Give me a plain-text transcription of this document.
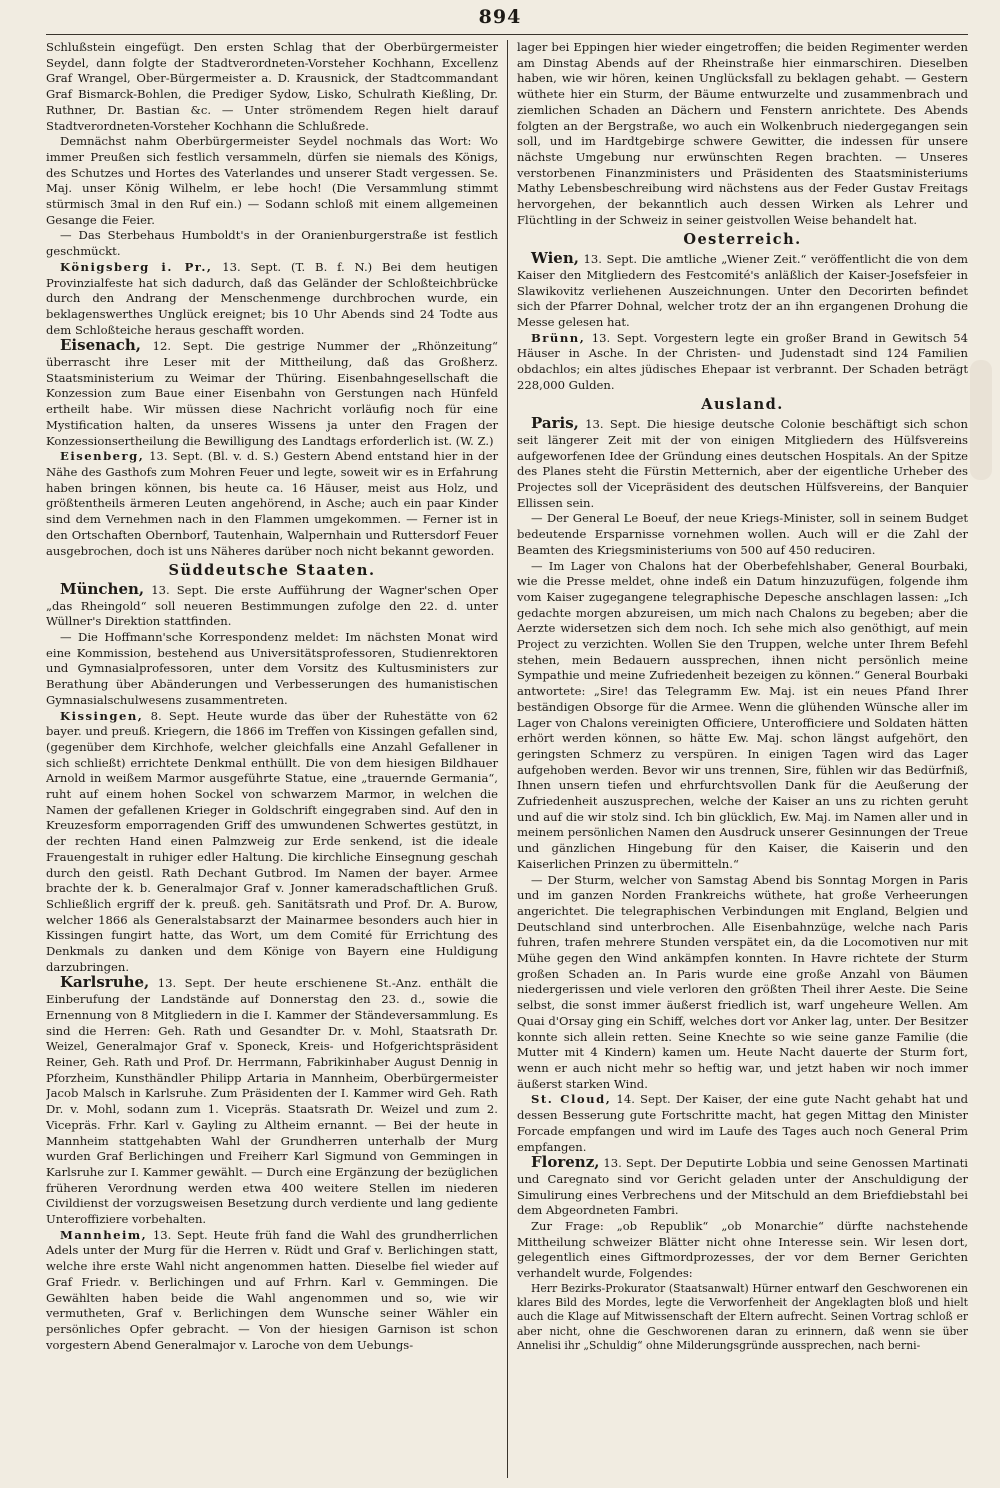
894

Schlußstein eingefügt. Den ersten Schlag that der Oberbürgermeister Seydel, dann folgte der Stadtverordneten-Vorsteher Kochhann, Excellenz Graf Wrangel, Ober-Bürgermeister a. D. Krausnick, der Stadtcommandant Graf Bismarck-Bohlen, die Prediger Sydow, Lisko, Schulrath Kießling, Dr. Ruthner, Dr. Bastian &c. — Unter strömendem Regen hielt darauf Stadtverordneten-Vorsteher Kochhann die Schlußrede.

Demnächst nahm Oberbürgermeister Seydel nochmals das Wort: Wo immer Preußen sich festlich versammeln, dürfen sie niemals des Königs, des Schutzes und Hortes des Vaterlandes und unserer Stadt vergessen. Se. Maj. unser König Wilhelm, er lebe hoch! (Die Versammlung stimmt stürmisch 3mal in den Ruf ein.) — Sodann schloß mit einem allgemeinen Gesange die Feier.

— Das Sterbehaus Humboldt's in der Oranienburgerstraße ist festlich geschmückt.

Königsberg i. Pr., 13. Sept. (T. B. f. N.) Bei dem heutigen Provinzialfeste hat sich dadurch, daß das Geländer der Schloßteichbrücke durch den Andrang der Menschenmenge durchbrochen wurde, ein beklagenswerthes Unglück ereignet; bis 10 Uhr Abends sind 24 Todte aus dem Schloßteiche heraus geschafft worden.

Eisenach, 12. Sept. Die gestrige Nummer der „Rhönzeitung“ überrascht ihre Leser mit der Mittheilung, daß das Großherz. Staatsministerium zu Weimar der Thüring. Eisenbahngesellschaft die Konzession zum Baue einer Eisenbahn von Gerstungen nach Hünfeld ertheilt habe. Wir müssen diese Nachricht vorläufig noch für eine Mystification halten, da unseres Wissens ja unter den Fragen der Konzessionsertheilung die Bewilligung des Landtags erforderlich ist. (W. Z.)

Eisenberg, 13. Sept. (Bl. v. d. S.) Gestern Abend entstand hier in der Nähe des Gasthofs zum Mohren Feuer und legte, soweit wir es in Erfahrung haben bringen können, bis heute ca. 16 Häuser, meist aus Holz, und größtentheils ärmeren Leuten angehörend, in Asche; auch ein paar Kinder sind dem Vernehmen nach in den Flammen umgekommen. — Ferner ist in den Ortschaften Obernborf, Tautenhain, Walpernhain und Ruttersdorf Feuer ausgebrochen, doch ist uns Näheres darüber noch nicht bekannt geworden.

Süddeutsche Staaten.

München, 13. Sept. Die erste Aufführung der Wagner'schen Oper „das Rheingold“ soll neueren Bestimmungen zufolge den 22. d. unter Wüllner's Direktion stattfinden.

— Die Hoffmann'sche Korrespondenz meldet: Im nächsten Monat wird eine Kommission, bestehend aus Universitätsprofessoren, Studienrektoren und Gymnasialprofessoren, unter dem Vorsitz des Kultusministers zur Berathung über Abänderungen und Verbesserungen des humanistischen Gymnasialschulwesens zusammentreten.

Kissingen, 8. Sept. Heute wurde das über der Ruhestätte von 62 bayer. und preuß. Kriegern, die 1866 im Treffen von Kissingen gefallen sind, (gegenüber dem Kirchhofe, welcher gleichfalls eine Anzahl Gefallener in sich schließt) errichtete Denkmal enthüllt. Die von dem hiesigen Bildhauer Arnold in weißem Marmor ausgeführte Statue, eine „trauernde Germania“, ruht auf einem hohen Sockel von schwarzem Marmor, in welchen die Namen der gefallenen Krieger in Goldschrift eingegraben sind. Auf den in Kreuzesform emporragenden Griff des umwundenen Schwertes gestützt, in der rechten Hand einen Palmzweig zur Erde senkend, ist die ideale Frauengestalt in ruhiger edler Haltung. Die kirchliche Einsegnung geschah durch den geistl. Rath Dechant Gutbrod. Im Namen der bayer. Armee brachte der k. b. Generalmajor Graf v. Jonner kameradschaftlichen Gruß. Schließlich ergriff der k. preuß. geh. Sanitätsrath und Prof. Dr. A. Burow, welcher 1866 als Generalstabsarzt der Mainarmee besonders auch hier in Kissingen fungirt hatte, das Wort, um dem Comité für Errichtung des Denkmals zu danken und dem Könige von Bayern eine Huldigung darzubringen.

Karlsruhe, 13. Sept. Der heute erschienene St.-Anz. enthält die Einberufung der Landstände auf Donnerstag den 23. d., sowie die Ernennung von 8 Mitgliedern in die I. Kammer der Ständeversammlung. Es sind die Herren: Geh. Rath und Gesandter Dr. v. Mohl, Staatsrath Dr. Weizel, Generalmajor Graf v. Sponeck, Kreis- und Hofgerichtspräsident Reiner, Geh. Rath und Prof. Dr. Herrmann, Fabrikinhaber August Dennig in Pforzheim, Kunsthändler Philipp Artaria in Mannheim, Oberbürgermeister Jacob Malsch in Karlsruhe. Zum Präsidenten der I. Kammer wird Geh. Rath Dr. v. Mohl, sodann zum 1. Vicepräs. Staatsrath Dr. Weizel und zum 2. Vicepräs. Frhr. Karl v. Gayling zu Altheim ernannt. — Bei der heute in Mannheim stattgehabten Wahl der Grundherren unterhalb der Murg wurden Graf Berlichingen und Freiherr Karl Sigmund von Gemmingen in Karlsruhe zur I. Kammer gewählt. — Durch eine Ergänzung der bezüglichen früheren Verordnung werden etwa 400 weitere Stellen im niederen Civildienst der vorzugsweisen Besetzung durch verdiente und lang gediente Unteroffiziere vorbehalten.

Mannheim, 13. Sept. Heute früh fand die Wahl des grundherrlichen Adels unter der Murg für die Herren v. Rüdt und Graf v. Berlichingen statt, welche ihre erste Wahl nicht angenommen hatten. Dieselbe fiel wieder auf Graf Friedr. v. Berlichingen und auf Frhrn. Karl v. Gemmingen. Die Gewählten haben beide die Wahl angenommen und so, wie wir vermutheten, Graf v. Berlichingen dem Wunsche seiner Wähler ein persönliches Opfer gebracht. — Von der hiesigen Garnison ist schon vorgestern Abend Generalmajor v. Laroche von dem Uebungs-

lager bei Eppingen hier wieder eingetroffen; die beiden Regimenter werden am Dinstag Abends auf der Rheinstraße hier einmarschiren. Dieselben haben, wie wir hören, keinen Unglücksfall zu beklagen gehabt. — Gestern wüthete hier ein Sturm, der Bäume entwurzelte und zusammenbrach und ziemlichen Schaden an Dächern und Fenstern anrichtete. Des Abends folgten an der Bergstraße, wo auch ein Wolkenbruch niedergegangen sein soll, und im Hardtgebirge schwere Gewitter, die indessen für unsere nächste Umgebung nur erwünschten Regen brachten. — Unseres verstorbenen Finanzministers und Präsidenten des Staatsministeriums Mathy Lebensbeschreibung wird nächstens aus der Feder Gustav Freitags hervorgehen, der bekanntlich auch dessen Wirken als Lehrer und Flüchtling in der Schweiz in seiner geistvollen Weise behandelt hat.

Oesterreich.

Wien, 13. Sept. Die amtliche „Wiener Zeit.“ veröffentlicht die von dem Kaiser den Mitgliedern des Festcomité's anläßlich der Kaiser-Josefsfeier in Slawikovitz verliehenen Auszeichnungen. Unter den Decorirten befindet sich der Pfarrer Dohnal, welcher trotz der an ihn ergangenen Drohung die Messe gelesen hat.

Brünn, 13. Sept. Vorgestern legte ein großer Brand in Gewitsch 54 Häuser in Asche. In der Christen- und Judenstadt sind 124 Familien obdachlos; ein altes jüdisches Ehepaar ist verbrannt. Der Schaden beträgt 228,000 Gulden.

Ausland.

Paris, 13. Sept. Die hiesige deutsche Colonie beschäftigt sich schon seit längerer Zeit mit der von einigen Mitgliedern des Hülfsvereins aufgeworfenen Idee der Gründung eines deutschen Hospitals. An der Spitze des Planes steht die Fürstin Metternich, aber der eigentliche Urheber des Projectes soll der Vicepräsident des deutschen Hülfsvereins, der Banquier Ellissen sein.

— Der General Le Boeuf, der neue Kriegs-Minister, soll in seinem Budget bedeutende Ersparnisse vornehmen wollen. Auch will er die Zahl der Beamten des Kriegsministeriums von 500 auf 450 reduciren.

— Im Lager von Chalons hat der Oberbefehlshaber, General Bourbaki, wie die Presse meldet, ohne indeß ein Datum hinzuzufügen, folgende ihm vom Kaiser zugegangene telegraphische Depesche anschlagen lassen: „Ich gedachte morgen abzureisen, um mich nach Chalons zu begeben; aber die Aerzte widersetzen sich dem noch. Ich sehe mich also genöthigt, auf mein Project zu verzichten. Wollen Sie den Truppen, welche unter Ihrem Befehl stehen, mein Bedauern aussprechen, ihnen nicht persönlich meine Sympathie und meine Zufriedenheit bezeigen zu können.“ General Bourbaki antwortete: „Sire! das Telegramm Ew. Maj. ist ein neues Pfand Ihrer beständigen Obsorge für die Armee. Wenn die glühenden Wünsche aller im Lager von Chalons vereinigten Officiere, Unterofficiere und Soldaten hätten erhört werden können, so hätte Ew. Maj. schon längst aufgehört, den geringsten Schmerz zu verspüren. In einigen Tagen wird das Lager aufgehoben werden. Bevor wir uns trennen, Sire, fühlen wir das Bedürfniß, Ihnen unsern tiefen und ehrfurchtsvollen Dank für die Aeußerung der Zufriedenheit auszusprechen, welche der Kaiser an uns zu richten geruht und auf die wir stolz sind. Ich bin glücklich, Ew. Maj. im Namen aller und in meinem persönlichen Namen den Ausdruck unserer Gesinnungen der Treue und gänzlichen Hingebung für den Kaiser, die Kaiserin und den Kaiserlichen Prinzen zu übermitteln.“

— Der Sturm, welcher von Samstag Abend bis Sonntag Morgen in Paris und im ganzen Norden Frankreichs wüthete, hat große Verheerungen angerichtet. Die telegraphischen Verbindungen mit England, Belgien und Deutschland sind unterbrochen. Alle Eisenbahnzüge, welche nach Paris fuhren, trafen mehrere Stunden verspätet ein, da die Locomotiven nur mit Mühe gegen den Wind ankämpfen konnten. In Havre richtete der Sturm großen Schaden an. In Paris wurde eine große Anzahl von Bäumen niedergerissen und viele verloren den größten Theil ihrer Aeste. Die Seine selbst, die sonst immer äußerst friedlich ist, warf ungeheure Wellen. Am Quai d'Orsay ging ein Schiff, welches dort vor Anker lag, unter. Der Besitzer konnte sich allein retten. Seine Knechte so wie seine ganze Familie (die Mutter mit 4 Kindern) kamen um. Heute Nacht dauerte der Sturm fort, wenn er auch nicht mehr so heftig war, und jetzt haben wir noch immer äußerst starken Wind.

St. Cloud, 14. Sept. Der Kaiser, der eine gute Nacht gehabt hat und dessen Besserung gute Fortschritte macht, hat gegen Mittag den Minister Forcade empfangen und wird im Laufe des Tages auch noch General Prim empfangen.

Florenz, 13. Sept. Der Deputirte Lobbia und seine Genossen Martinati und Caregnato sind vor Gericht geladen unter der Anschuldigung der Simulirung eines Verbrechens und der Mitschuld an dem Briefdiebstahl bei dem Abgeordneten Fambri.

Zur Frage: „ob Republik“ „ob Monarchie“ dürfte nachstehende Mittheilung schweizer Blätter nicht ohne Interesse sein. Wir lesen dort, gelegentlich eines Giftmordprozesses, der vor dem Berner Gerichten verhandelt wurde, Folgendes:

Herr Bezirks-Prokurator (Staatsanwalt) Hürner entwarf den Geschworenen ein klares Bild des Mordes, legte die Verworfenheit der Angeklagten bloß und hielt auch die Klage auf Mitwissenschaft der Eltern aufrecht. Seinen Vortrag schloß er aber nicht, ohne die Geschworenen daran zu erinnern, daß wenn sie über Annelisi ihr „Schuldig“ ohne Milderungsgründe aussprechen, nach berni-
